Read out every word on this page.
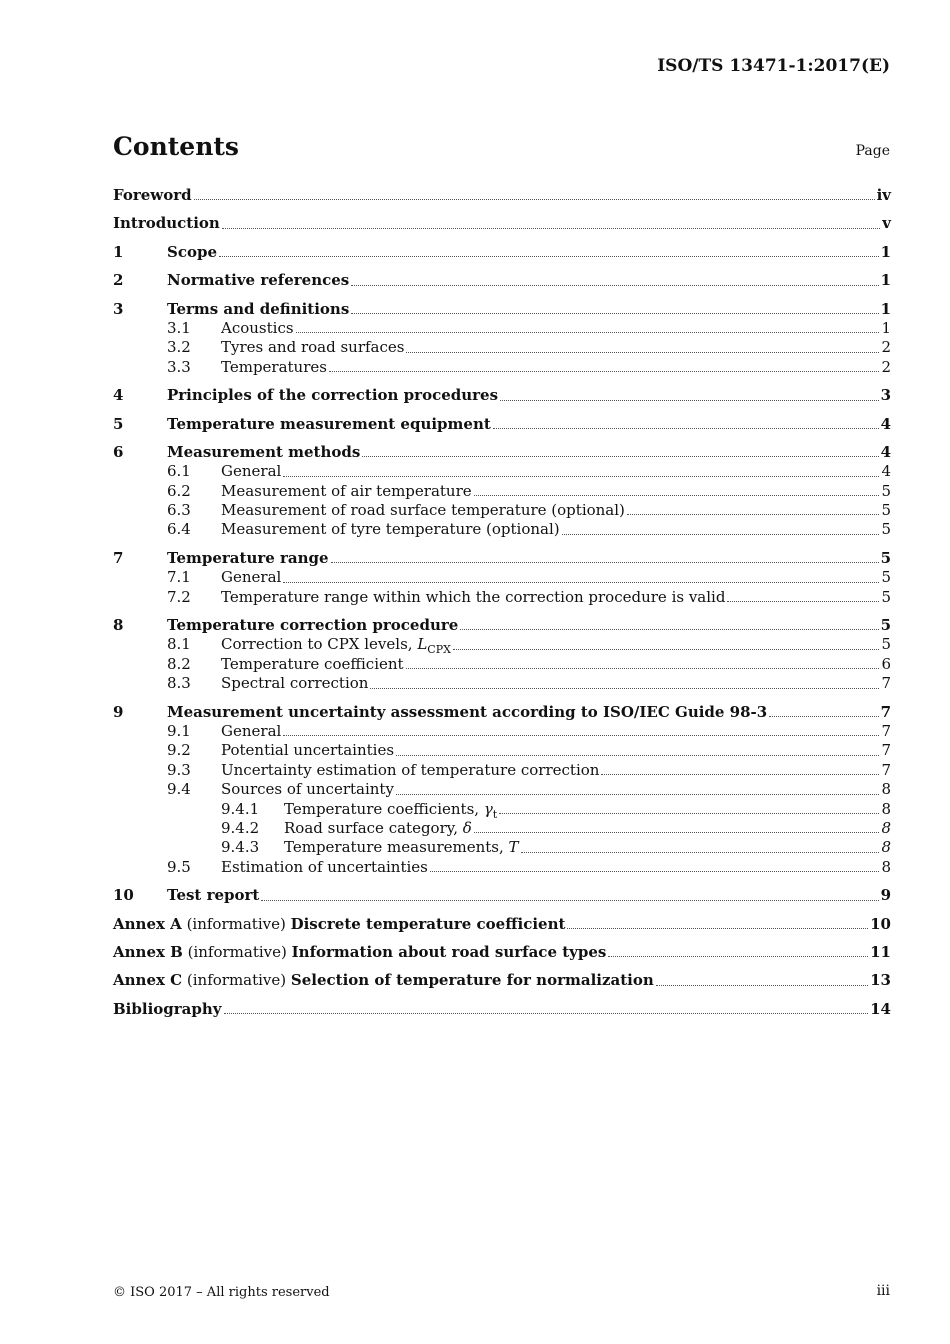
ISO/TS 13471-1:2017(E)
Contents	Page
Foreword	iv
Introduction	v
1	Scope	1
2	Normative references	1
3	Terms and definitions	1
3.1	Acoustics	1
3.2	Tyres and road surfaces	2
3.3	Temperatures	2
4	Principles of the correction procedures	3
5	Temperature measurement equipment	4
6	Measurement methods	4
6.1	General	4
6.2	Measurement of air temperature	5
6.3	Measurement of road surface temperature (optional)	5
6.4	Measurement of tyre temperature (optional)	5
7	Temperature range	5
7.1	General	5
7.2	Temperature range within which the correction procedure is valid	5
8	Temperature correction procedure	5
8.1	Correction to CPX levels, $L_{CPX}$	5
8.2	Temperature coefficient	6
8.3	Spectral correction	7
9	Measurement uncertainty assessment according to ISO/IEC Guide 98-3	7
9.1	General	7
9.2	Potential uncertainties	7
9.3	Uncertainty estimation of temperature correction	7
9.4	Sources of uncertainty	8
9.4.1	Temperature coefficients, $\gamma_t$	8
9.4.2	Road surface category, δ	8
9.4.3	Temperature measurements, T	8
9.5	Estimation of uncertainties	8
10	Test report	9
Annex A (informative) Discrete temperature coefficient	10
Annex B (informative) Information about road surface types	11
Annex C (informative) Selection of temperature for normalization	13
Bibliography	14
© ISO 2017 – All rights reserved	iii
